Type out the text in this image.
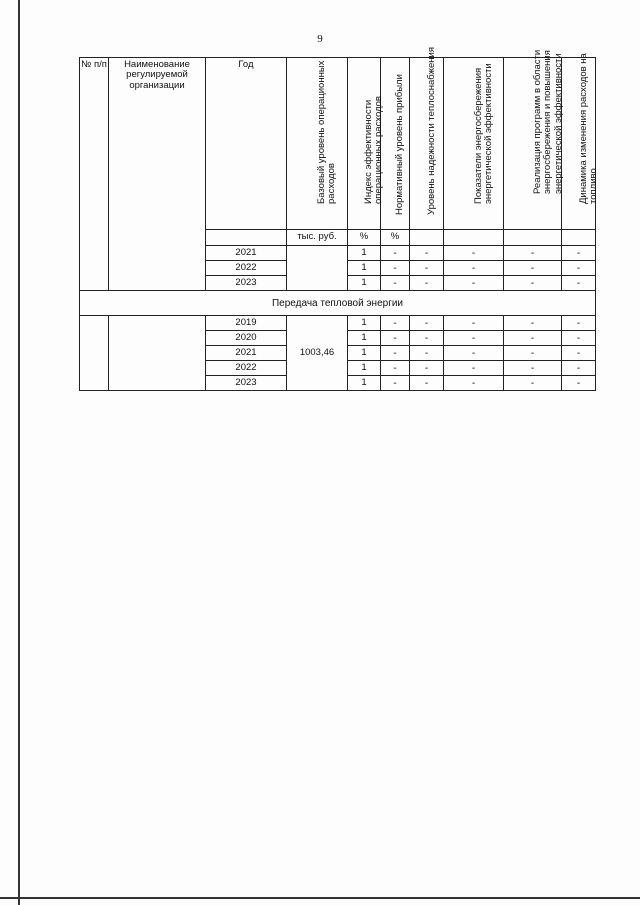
9
№ п/п	Наименование регулируемой организации	Год	Базовый уровень операционных расходов	Индекс эффективности операционных расходов	Нормативный уровень прибыли	Уровень надежности теплоснабжения	Показатели энергосбережения энергетической эффективности	Реализация программ в области энергосбережения и повышения энергетической эффективности	Динамика изменения расходов на топливо

			тыс. руб.	%	%				
		2021		1	-	-	-	-	-
		2022		1	-	-	-	-	-
		2023		1	-	-	-	-	-
Передача тепловой энергии									
		2019	1003,46	1	-	-	-	-	-
		2020		1	-	-	-	-	-
		2021		1	-	-	-	-	-
		2022		1	-	-	-	-	-
		2023		1	-	-	-	-	-
